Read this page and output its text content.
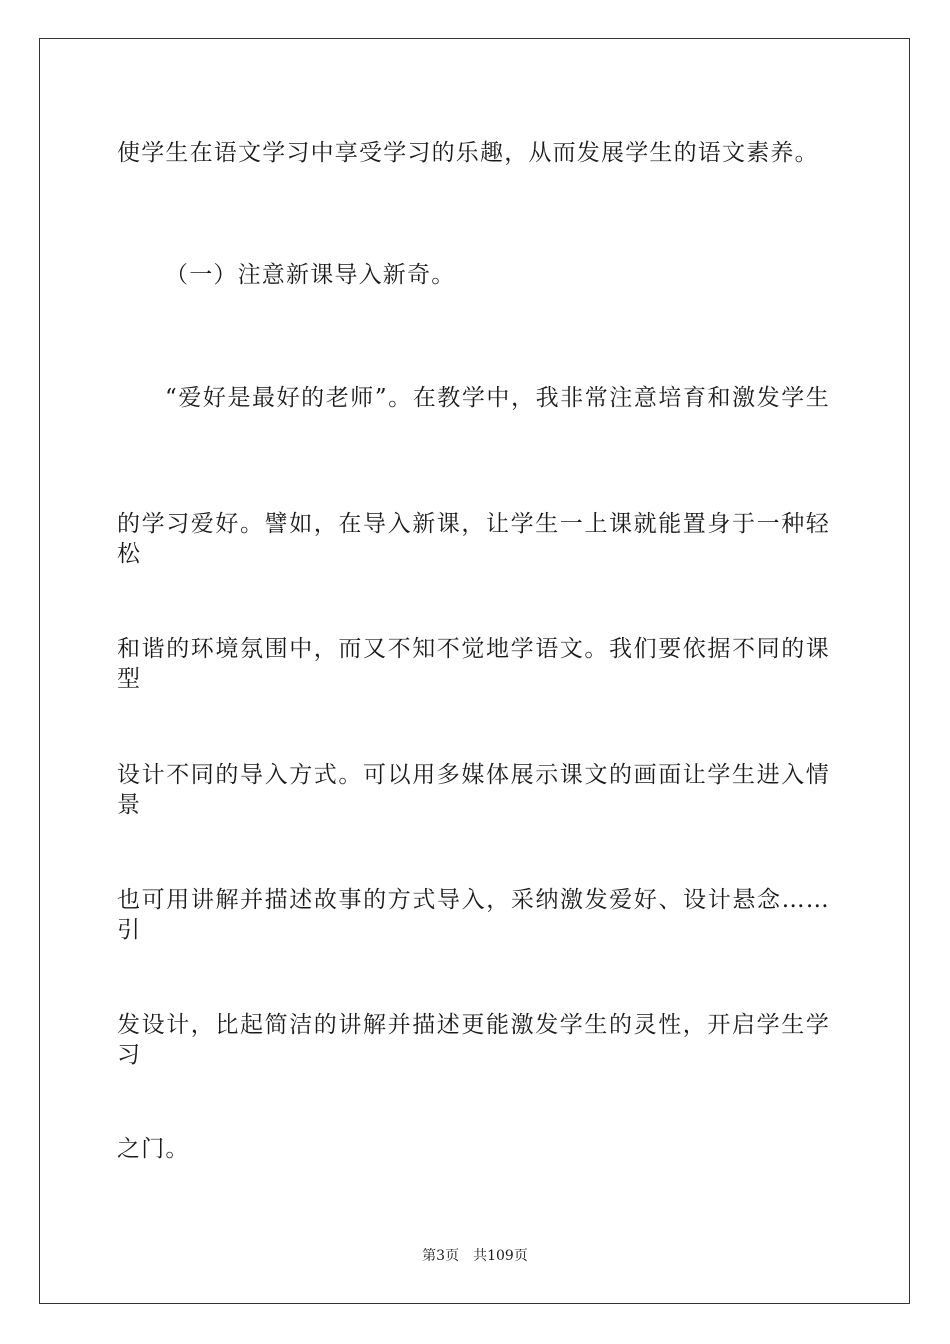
使学生在语文学习中享受学习的乐趣，从而发展学生的语文素养。
（一）注意新课导入新奇。
“爱好是最好的老师”。在教学中，我非常注意培育和激发学生
的学习爱好。譬如，在导入新课，让学生一上课就能置身于一种轻松
和谐的环境氛围中，而又不知不觉地学语文。我们要依据不同的课型
设计不同的导入方式。可以用多媒体展示课文的画面让学生进入情景
也可用讲解并描述故事的方式导入，采纳激发爱好、设计悬念……引
发设计，比起简洁的讲解并描述更能激发学生的灵性，开启学生学习
之门。
第3页 共109页
